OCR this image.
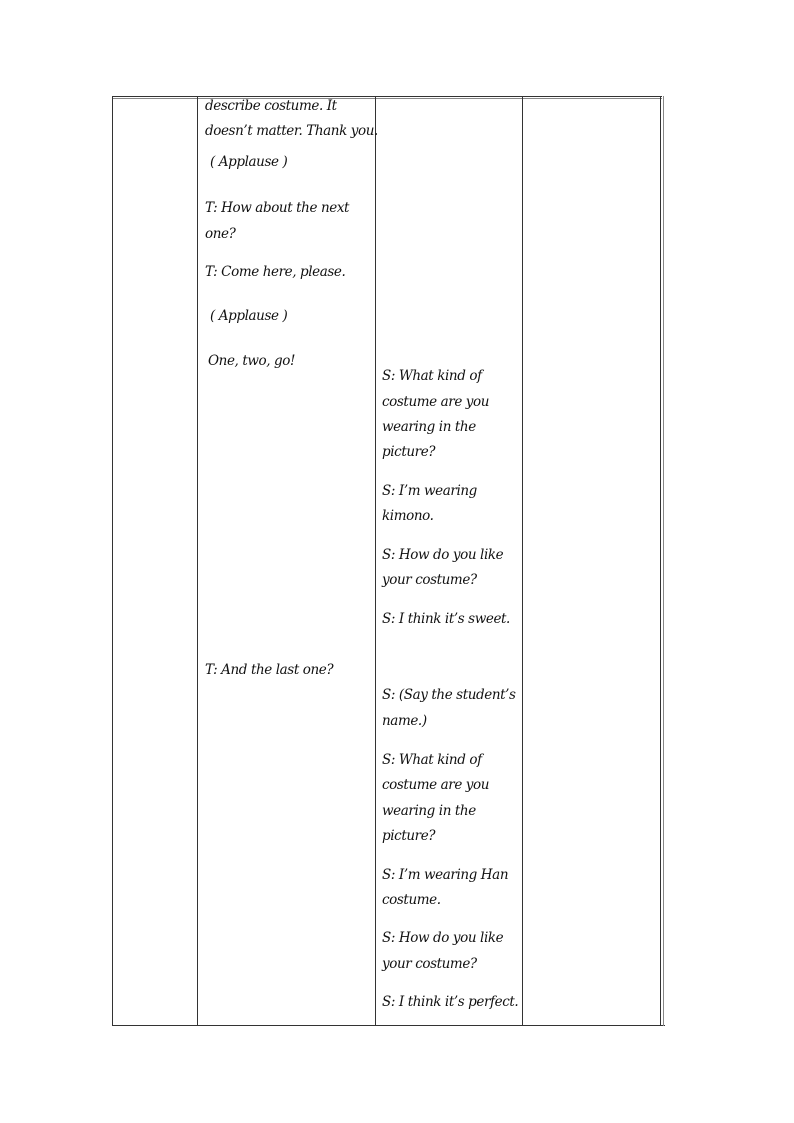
describe costume. It
doesn’t matter. Thank you.
( Applause )
T: How about the next
one?
T: Come here, please.
( Applause )
One, two, go!
T: And the last one?
S: What kind of
costume are you
wearing in the
picture?
S: I’m wearing
kimono.
S: How do you like
your costume?
S: I think it’s sweet.
S: (Say the student’s
name.)
S: What kind of
costume are you
wearing in the
picture?
S: I’m wearing Han
costume.
S: How do you like
your costume?
S: I think it’s perfect.
